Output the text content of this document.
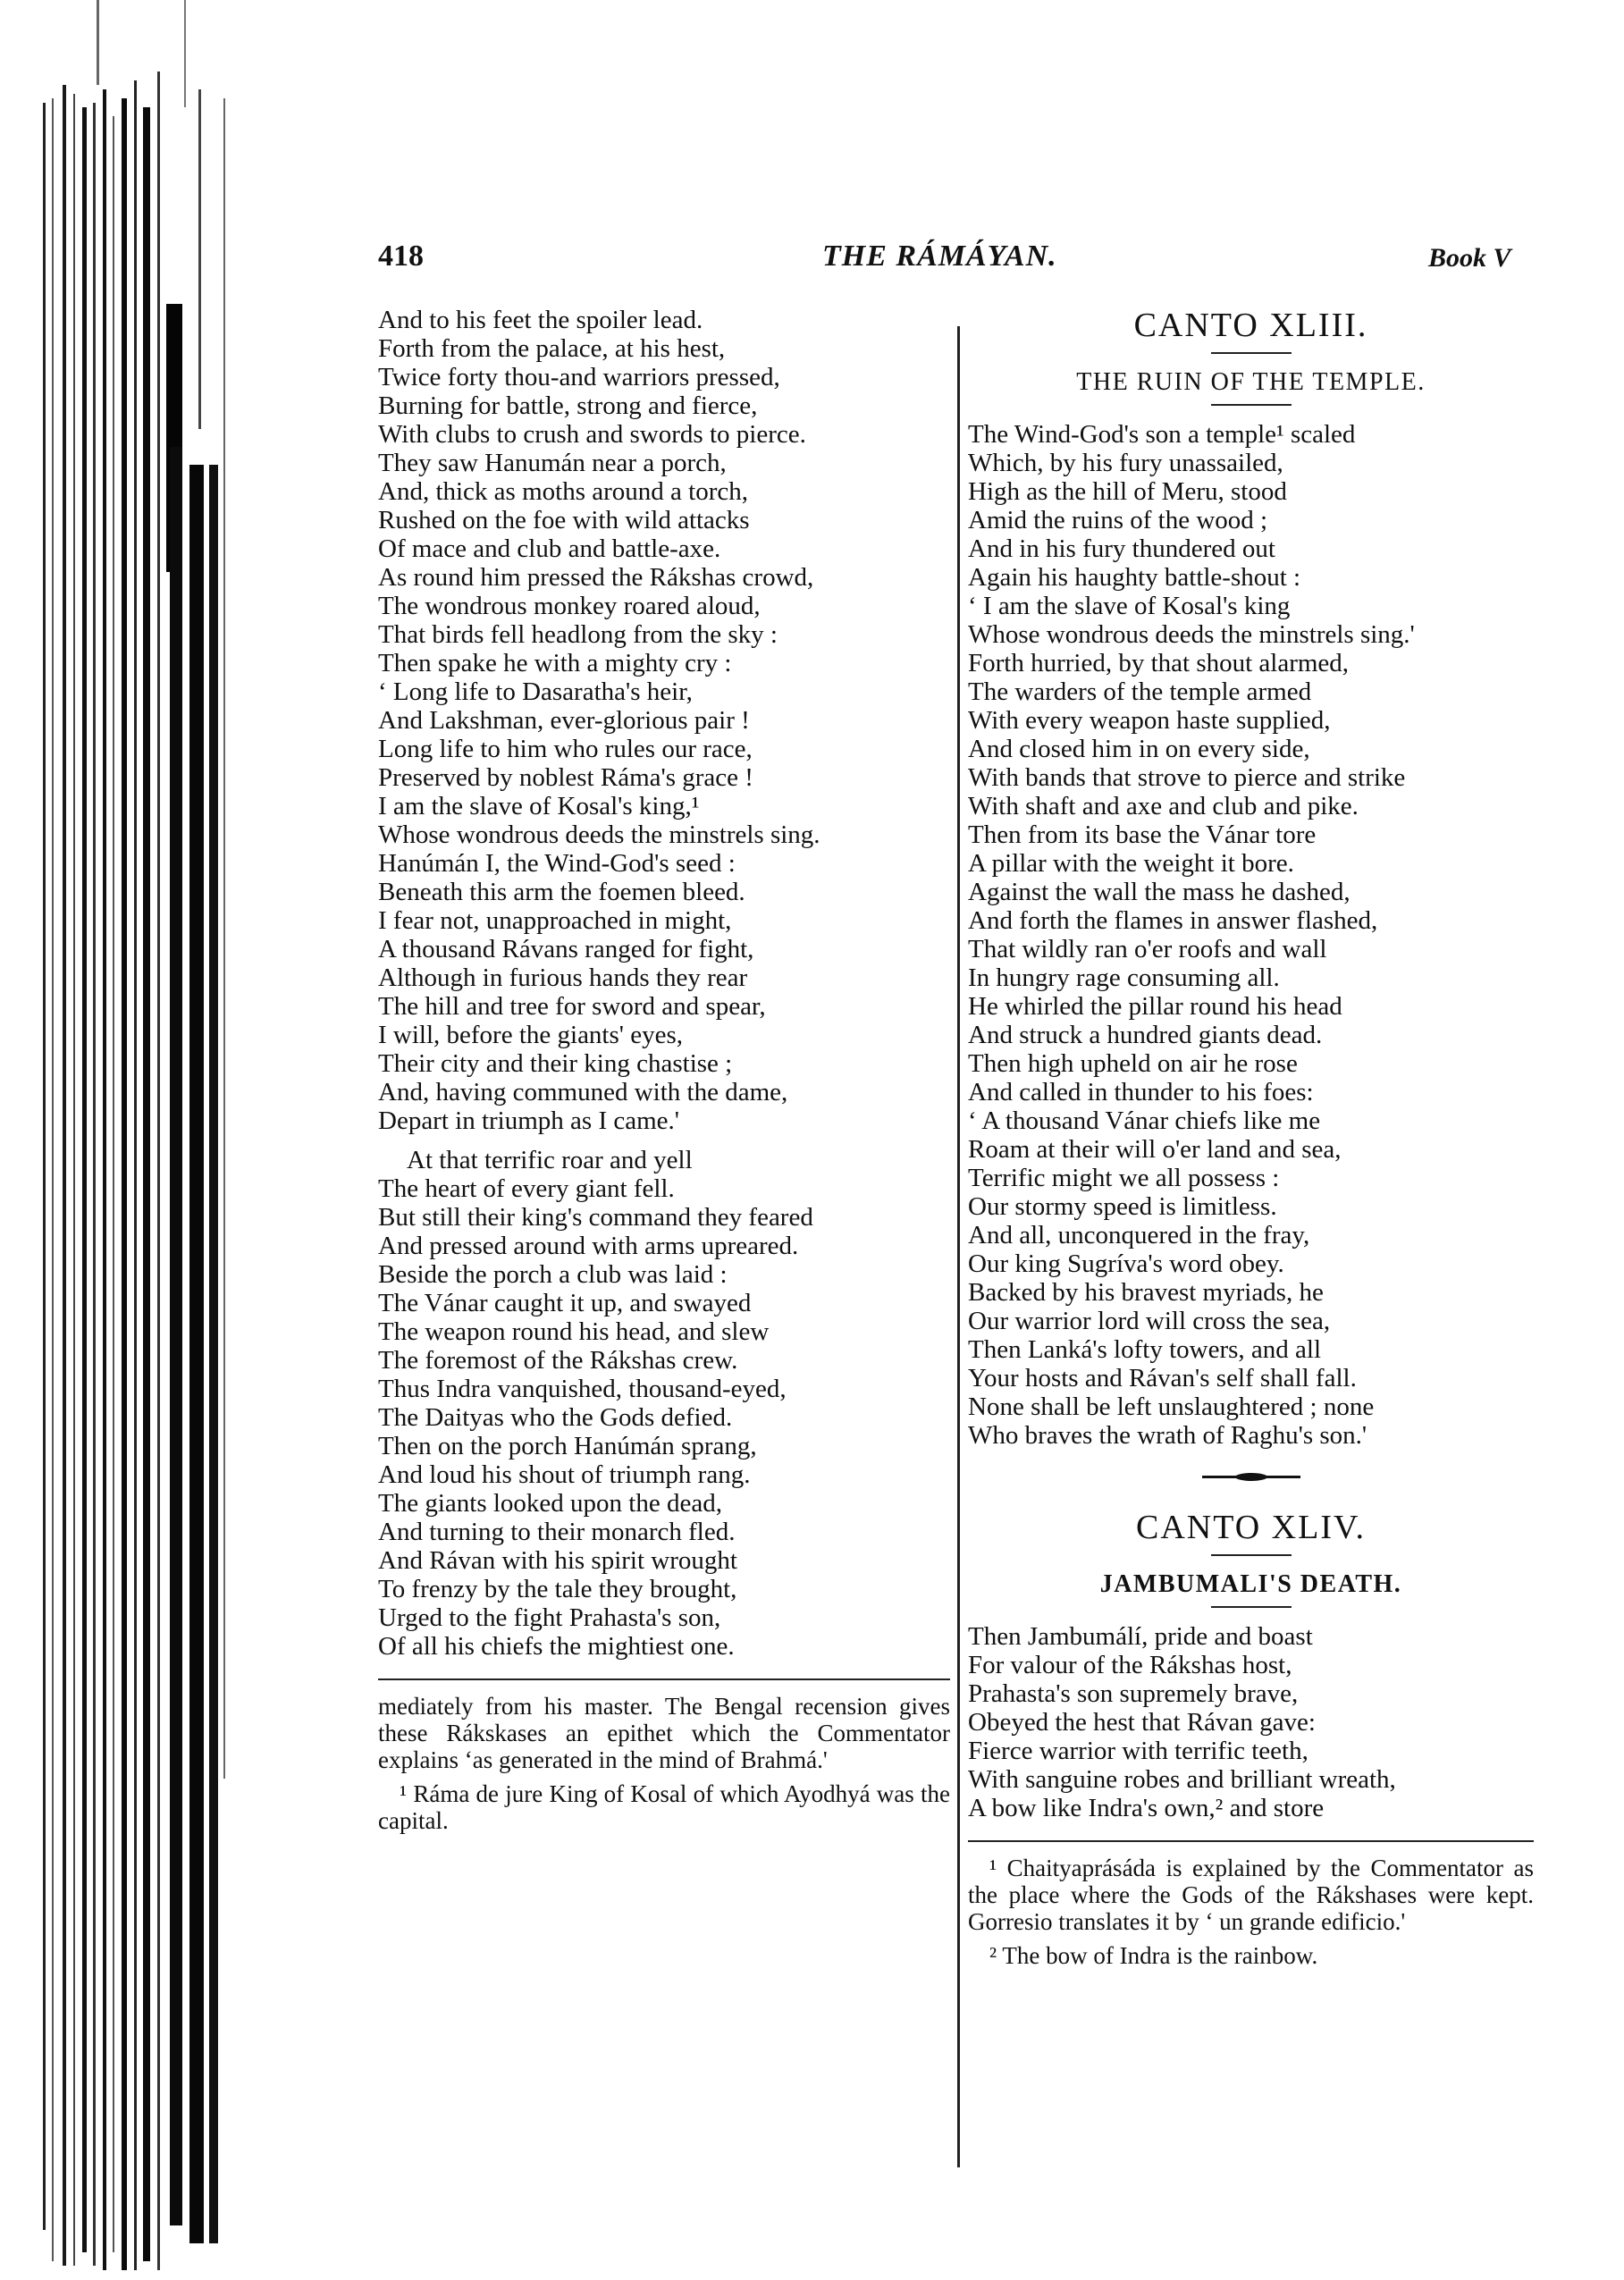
418	THE RÁMÁYAN.	Book V
And to his feet the spoiler lead.
Forth from the palace, at his hest,
Twice forty thou-and warriors pressed,
Burning for battle, strong and fierce,
With clubs to crush and swords to pierce.
They saw Hanumán near a porch,
And, thick as moths around a torch,
Rushed on the foe with wild attacks
Of mace and club and battle-axe.
As round him pressed the Rákshas crowd,
The wondrous monkey roared aloud,
That birds fell headlong from the sky :
Then spake he with a mighty cry :
‘ Long life to Dasaratha's heir,
And Lakshman, ever-glorious pair !
Long life to him who rules our race,
Preserved by noblest Ráma's grace !
I am the slave of Kosal's king,¹
Whose wondrous deeds the minstrels sing.
Hanúmán I, the Wind-God's seed :
Beneath this arm the foemen bleed.
I fear not, unapproached in might,
A thousand Rávans ranged for fight,
Although in furious hands they rear
The hill and tree for sword and spear,
I will, before the giants' eyes,
Their city and their king chastise ;
And, having communed with the dame,
Depart in triumph as I came.'
At that terrific roar and yell
The heart of every giant fell.
But still their king's command they feared
And pressed around with arms upreared.
Beside the porch a club was laid :
The Vánar caught it up, and swayed
The weapon round his head, and slew
The foremost of the Rákshas crew.
Thus Indra vanquished, thousand-eyed,
The Daityas who the Gods defied.
Then on the porch Hanúmán sprang,
And loud his shout of triumph rang.
The giants looked upon the dead,
And turning to their monarch fled.
And Rávan with his spirit wrought
To frenzy by the tale they brought,
Urged to the fight Prahasta's son,
Of all his chiefs the mightiest one.
mediately from his master. The Bengal recension gives these Rákskases an epithet which the Commentator explains ‘as generated in the mind of Brahmá.'
¹ Ráma de jure King of Kosal of which Ayodhyá was the capital.
CANTO XLIII.
THE RUIN OF THE TEMPLE.
The Wind-God's son a temple¹ scaled
Which, by his fury unassailed,
High as the hill of Meru, stood
Amid the ruins of the wood ;
And in his fury thundered out
Again his haughty battle-shout :
‘ I am the slave of Kosal's king
Whose wondrous deeds the minstrels sing.'
Forth hurried, by that shout alarmed,
The warders of the temple armed
With every weapon haste supplied,
And closed him in on every side,
With bands that strove to pierce and strike
With shaft and axe and club and pike.
Then from its base the Vánar tore
A pillar with the weight it bore.
Against the wall the mass he dashed,
And forth the flames in answer flashed,
That wildly ran o'er roofs and wall
In hungry rage consuming all.
He whirled the pillar round his head
And struck a hundred giants dead.
Then high upheld on air he rose
And called in thunder to his foes:
‘ A thousand Vánar chiefs like me
Roam at their will o'er land and sea,
Terrific might we all possess :
Our stormy speed is limitless.
And all, unconquered in the fray,
Our king Sugríva's word obey.
Backed by his bravest myriads, he
Our warrior lord will cross the sea,
Then Lanká's lofty towers, and all
Your hosts and Rávan's self shall fall.
None shall be left unslaughtered ; none
Who braves the wrath of Raghu's son.'
CANTO XLIV.
JAMBUMALI'S DEATH.
Then Jambumálí, pride and boast
For valour of the Rákshas host,
Prahasta's son supremely brave,
Obeyed the hest that Rávan gave:
Fierce warrior with terrific teeth,
With sanguine robes and brilliant wreath,
A bow like Indra's own,² and store
¹ Chaityaprásáda is explained by the Commentator as the place where the Gods of the Rákshases were kept. Gorresio translates it by ‘ un grande edificio.'
² The bow of Indra is the rainbow.
